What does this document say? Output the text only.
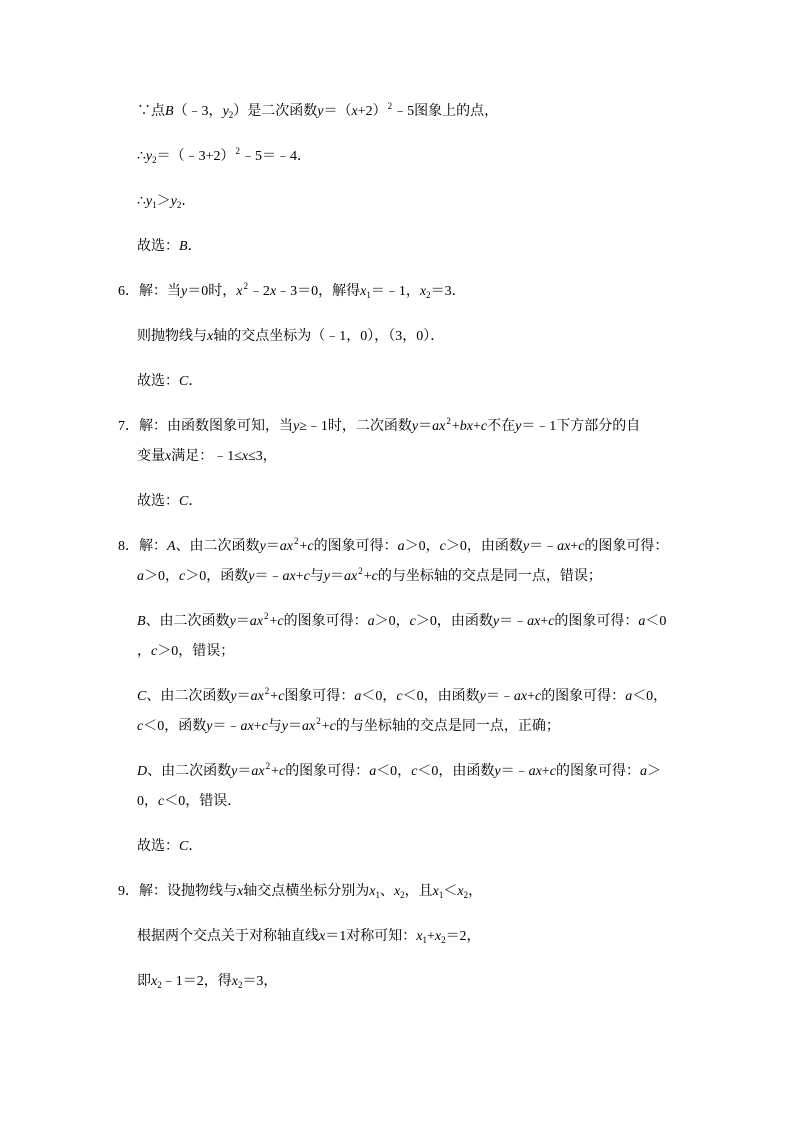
∵点B（﹣3，$y_2$）是二次函数$y=(x+2)^2﹣5$图象上的点，
$\therefore y_2=(﹣3+2)^2﹣5=﹣4$．
$\therefore y_1>y_2$．
故选：B．
6．解：当y＝0时，$x^2﹣2x﹣3=0$，解得$x_1=﹣1$，$x_2=3$．
则抛物线与x轴的交点坐标为（﹣1，0），（3，0）．
故选：C．
7．解：由函数图象可知，当y≥﹣1时，二次函数$y=ax^2+bx+c$不在y＝﹣1下方部分的自
变量x满足：﹣1≤x≤3，
故选：C．
8．解：A、由二次函数$y=ax^2+c$的图象可得：a＞0，c＞0，由函数y＝﹣ax+c的图象可得：
a＞0，c＞0，函数y＝﹣ax+c与$y=ax^2+c$的与坐标轴的交点是同一点，错误；
B、由二次函数$y=ax^2+c$的图象可得：a＞0，c＞0，由函数y＝﹣ax+c的图象可得：a＜0
，c＞0，错误；
C、由二次函数$y=ax^2+c$图象可得：a＜0，c＜0，由函数y＝﹣ax+c的图象可得：a＜0，
c＜0，函数y＝﹣ax+c与$y=ax^2+c$的与坐标轴的交点是同一点，正确；
D、由二次函数$y=ax^2+c$的图象可得：a＜0，c＜0，由函数y＝﹣ax+c的图象可得：a＞
0，c＜0，错误．
故选：C．
9．解：设抛物线与x轴交点横坐标分别为$x_1$、$x_2$，且$x_1<x_2$，
根据两个交点关于对称轴直线x＝1对称可知：$x_1+x_2=2$，
即$x_2﹣1=2$，得$x_2=3$，
